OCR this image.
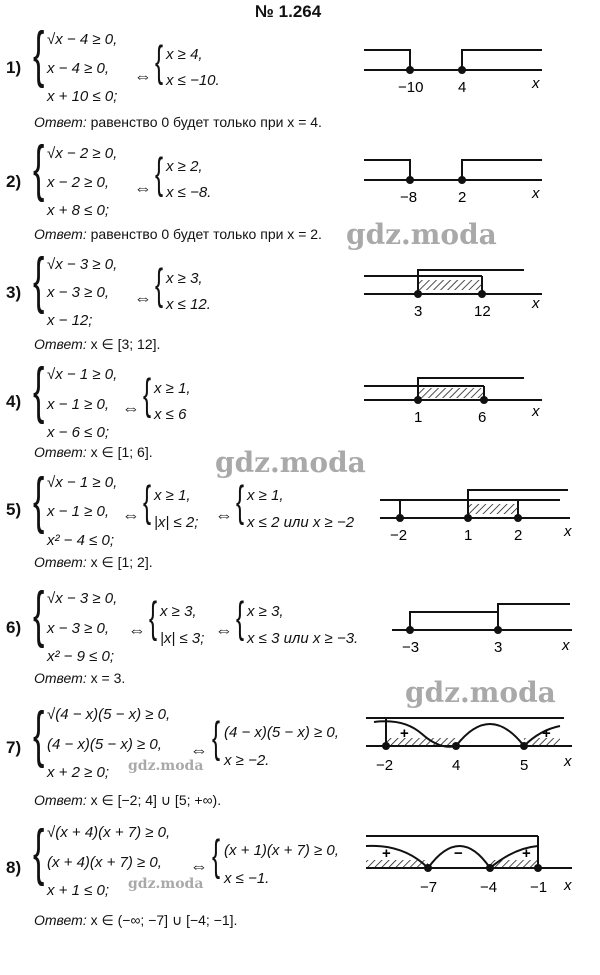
№ 1.264
1) { √x − 4 ≥ 0,
x − 4 ≥ 0,
x + 10 ≤ 0;
⇔ { x ≥ 4,
x ≤ −10.	−10 4	x
Ответ: равенство 0 будет только при x = 4.
2) { √x − 2 ≥ 0,
x − 2 ≥ 0,
x + 8 ≤ 0;
⇔ { x ≥ 2,
x ≤ −8.	−8	2	x
Ответ: равенство 0 будет только при x = 2. gdz.moda
3) { √x − 3 ≥ 0,
x − 3 ≥ 0,
x − 12;
⇔ { x ≥ 3,
x ≤ 12.	3	12	x
Ответ: x ∈ [3; 12].
4) { √x − 1 ≥ 0,
x − 1 ≥ 0,
x − 6 ≤ 0;
⇔ { x ≥ 1,
x ≤ 6	1	6	x
Ответ: x ∈ [1; 6]. gdz.moda
5) { √x − 1 ≥ 0,
x − 1 ≥ 0,
x² − 4 ≤ 0;
⇔ { x ≥ 1,
|x| ≤ 2; ⇔ { x ≥ 1,
x ≤ 2 или x ≥ −2
−2	1	2	x
Ответ: x ∈ [1; 2].
6) { √x − 3 ≥ 0,
x − 3 ≥ 0,
x² − 9 ≤ 0;
⇔ { x ≥ 3,
|x| ≤ 3; ⇔ { x ≥ 3,
x ≤ 3 или x ≥ −3.
−3	3	x
Ответ: x = 3.	gdz.moda
7) { √(4 − x)(5 − x) ≥ 0,
(4 − x)(5 − x) ≥ 0,
x + 2 ≥ 0; gdz.moda
⇔ { (4 − x)(5 − x) ≥ 0,
x ≥ −2.
+	+
−2	4	5 x
Ответ: x ∈ [−2; 4] ∪ [5; +∞).
8) { √(x + 4)(x + 7) ≥ 0,
(x + 4)(x + 7) ≥ 0,
x + 1 ≤ 0; gdz.moda
⇔ { (x + 1)(x + 7) ≥ 0,
x ≤ −1.
+	−	+
−7	−4 −1 x
Ответ: x ∈ (−∞; −7] ∪ [−4; −1].
